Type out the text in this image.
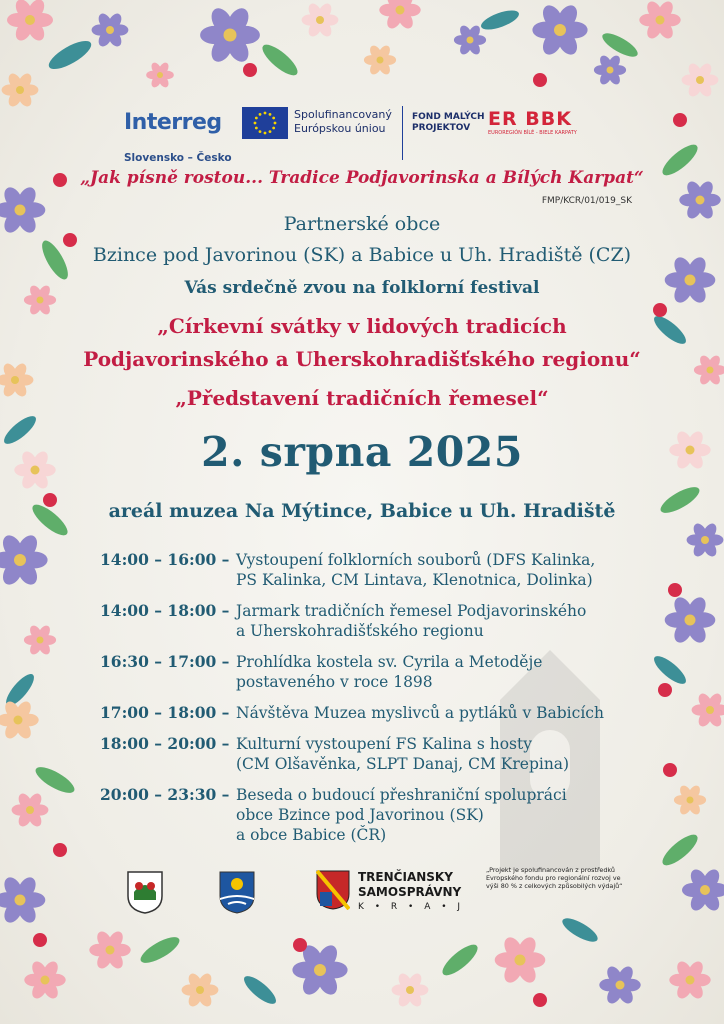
Interreg
Slovensko – Česko
Spolufinancovaný
Európskou úniou
FOND MALÝCH
PROJEKTOV ER BBK
EUROREGIÓN BÍLÉ - BIELE KARPATY
„Jak písně rostou... Tradice Podjavorinska a Bílých Karpat“
FMP/KCR/01/019_SK
Partnerské obce
Bzince pod Javorinou (SK) a Babice u Uh. Hradiště (CZ)
Vás srdečně zvou na folklorní festival
„Církevní svátky v lidových tradicích
Podjavorinského a Uherskohradišťského regionu“
„Představení tradičních řemesel“
2. srpna 2025
areál muzea Na Mýtince, Babice u Uh. Hradiště
14:00 – 16:00 – Vystoupení folklorních souborů (DFS Kalinka,
PS Kalinka, CM Lintava, Klenotnica, Dolinka)
14:00 – 18:00 – Jarmark tradičních řemesel Podjavorinského
a Uherskohradišťského regionu
16:30 – 17:00 – Prohlídka kostela sv. Cyrila a Metoděje
postaveného v roce 1898
17:00 – 18:00 – Návštěva Muzea myslivců a pytláků v Babicích
18:00 – 20:00 – Kulturní vystoupení FS Kalina s hosty
(CM Olšavěnka, SLPT Danaj, CM Krepina)
20:00 – 23:30 – Beseda o budoucí přeshraniční spolupráci
obce Bzince pod Javorinou (SK)
a obce Babice (ČR)
TRENČIANSKY
SAMOSPRÁVNY
K • R • A • J
„Projekt je spolufinancován z prostředků Evropského fondu pro regionální rozvoj ve výši 80 % z celkových způsobilých výdajů“
